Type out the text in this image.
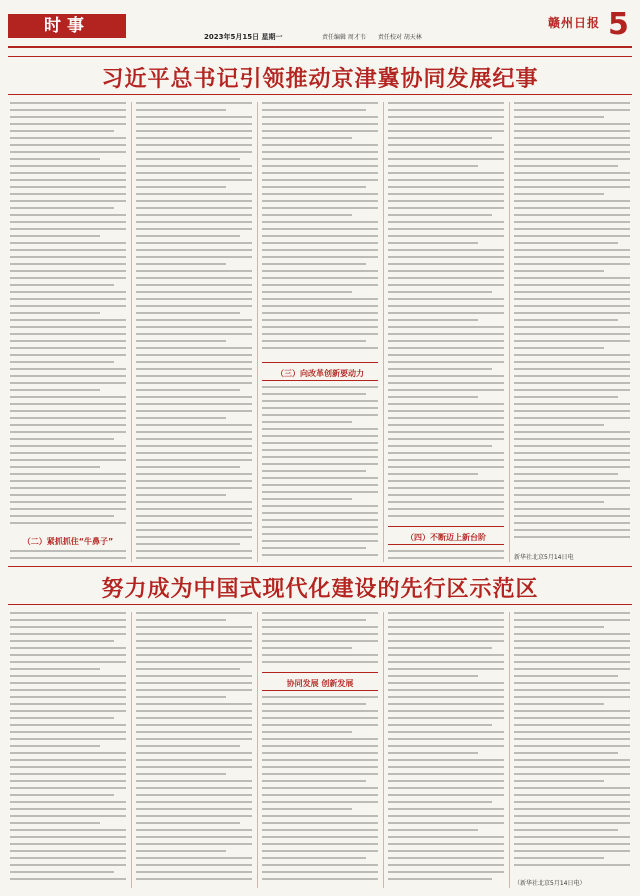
时事
2023年5月15日 星期一	责任编辑 周才韦 责任校对 胡天林
赣州日报 5
习近平总书记引领推动京津冀协同发展纪事
（二）紧抓抓住“牛鼻子”
（三）向改革创新要动力
（四）不断迈上新台阶
新华社北京5月14日电
努力成为中国式现代化建设的先行区示范区
协同发展 创新发展
（新华社北京5月14日电）
